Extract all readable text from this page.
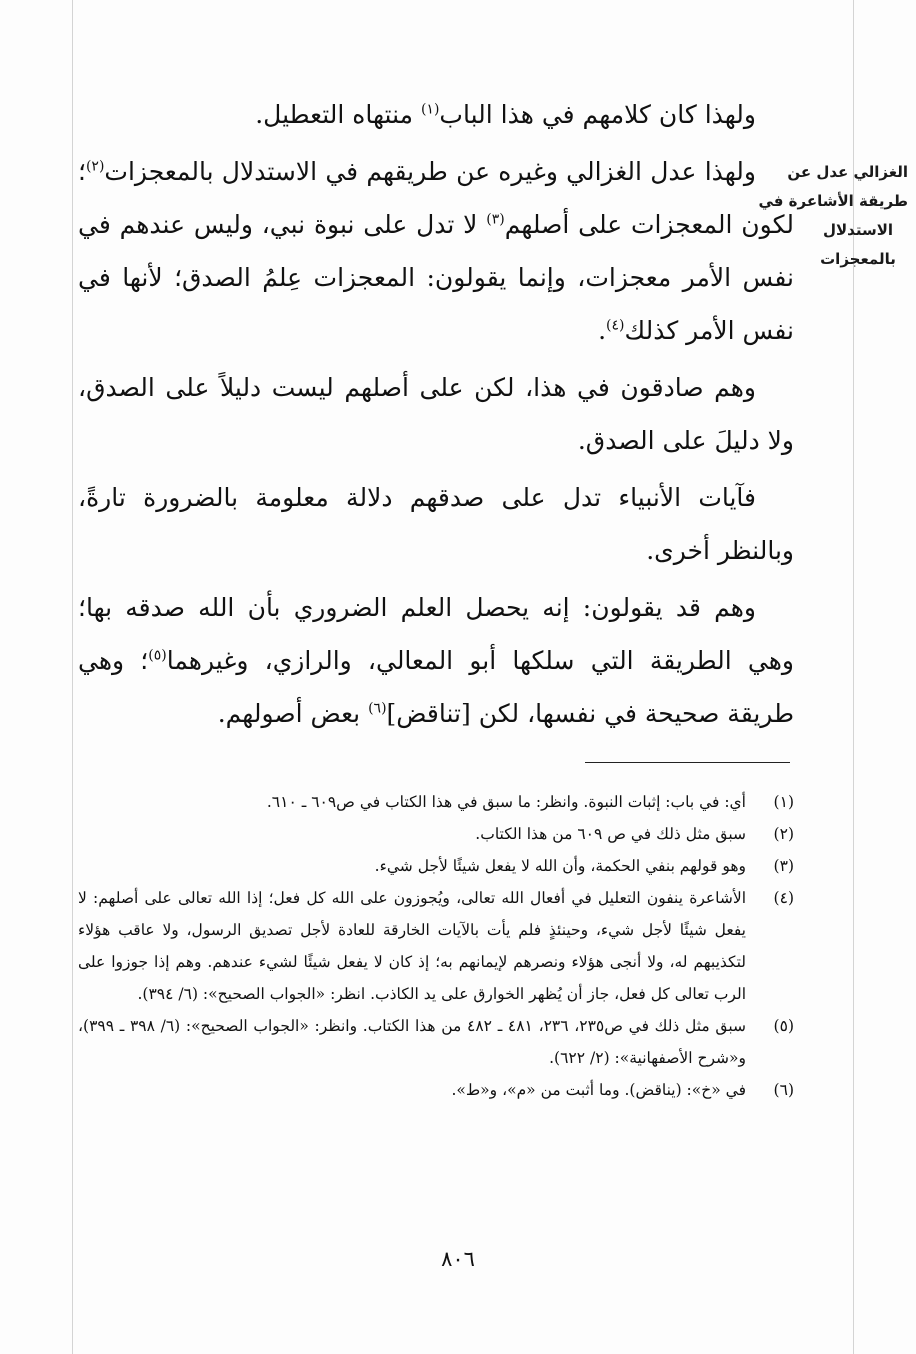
الغزالي عدل عن
طريقة الأشاعرة في
الاستدلال
بالمعجزات

ولهذا كان كلامهم في هذا الباب$^{(١)}$ منتهاه التعطيل.

ولهذا عدل الغزالي وغيره عن طريقهم في الاستدلال بالمعجزات$^{(٢)}$؛ لكون المعجزات على أصلهم$^{(٣)}$ لا تدل على نبوة نبي، وليس عندهم في نفس الأمر معجزات، وإنما يقولون: المعجزات عِلمُ الصدق؛ لأنها في نفس الأمر كذلك$^{(٤)}$.

وهم صادقون في هذا، لكن على أصلهم ليست دليلاً على الصدق، ولا دليلَ على الصدق.

فآيات الأنبياء تدل على صدقهم دلالة معلومة بالضرورة تارةً، وبالنظر أخرى.

وهم قد يقولون: إنه يحصل العلم الضروري بأن الله صدقه بها؛ وهي الطريقة التي سلكها أبو المعالي، والرازي، وغيرهما$^{(٥)}$؛ وهي طريقة صحيحة في نفسها، لكن [تناقض]$^{(٦)}$ بعض أصولهم.

(١)
أي: في باب: إثبات النبوة. وانظر: ما سبق في هذا الكتاب في ص٦٠٩ ـ ٦١٠.
(٢)
سبق مثل ذلك في ص ٦٠٩ من هذا الكتاب.
(٣)
وهو قولهم بنفي الحكمة، وأن الله لا يفعل شيئًا لأجل شيء.
(٤)
الأشاعرة ينفون التعليل في أفعال الله تعالى، ويُجوزون على الله كل فعل؛ إذا الله تعالى على أصلهم: لا يفعل شيئًا لأجل شيء، وحينئذٍ فلم يأت بالآيات الخارقة للعادة لأجل تصديق الرسول، ولا عاقب هؤلاء لتكذيبهم له، ولا أنجى هؤلاء ونصرهم لإيمانهم به؛ إذ كان لا يفعل شيئًا لشيء عندهم. وهم إذا جوزوا على الرب تعالى كل فعل، جاز أن يُظهر الخوارق على يد الكاذب. انظر: «الجواب الصحيح»: (٦/ ٣٩٤).
(٥)
سبق مثل ذلك في ص٢٣٥، ٢٣٦، ٤٨١ ـ ٤٨٢ من هذا الكتاب. وانظر: «الجواب الصحيح»: (٦/ ٣٩٨ ـ ٣٩٩)، و«شرح الأصفهانية»: (٢/ ٦٢٢).
(٦)
في «خ»: (يناقض). وما أثبت من «م»، و«ط».
٨٠٦
